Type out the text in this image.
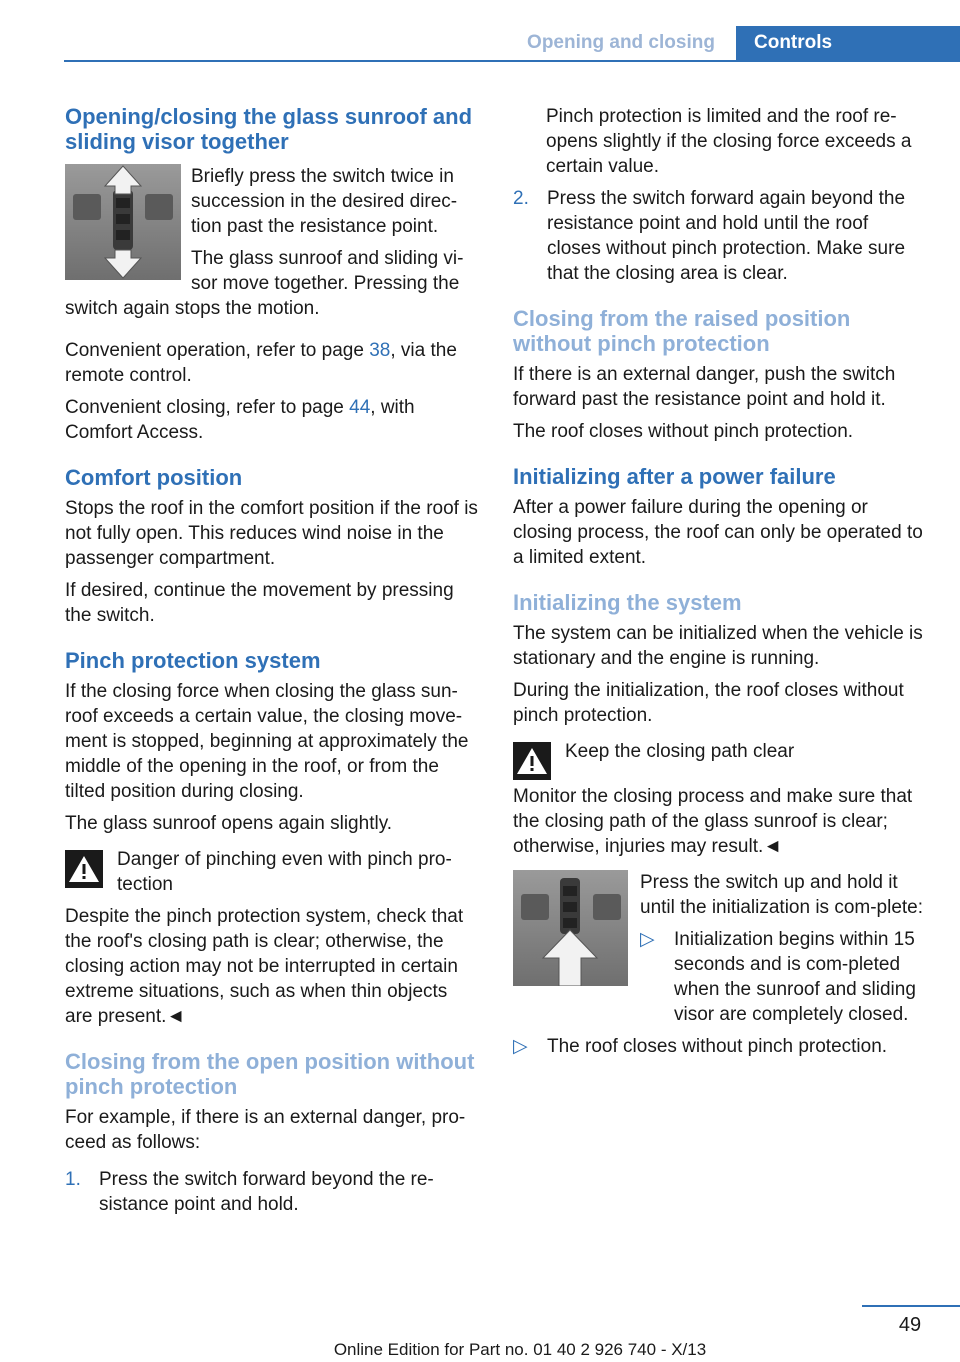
Opening and closing	Controls
Opening/closing the glass sunroof and sliding visor together

Briefly press the switch twice in succession in the desired direc-tion past the resistance point.

The glass sunroof and sliding vi-sor move together. Pressing the switch again stops the motion.

Convenient operation, refer to page 38, via the remote control.

Convenient closing, refer to page 44, with Comfort Access.

Comfort position

Stops the roof in the comfort position if the roof is not fully open. This reduces wind noise in the passenger compartment.

If desired, continue the movement by pressing the switch.

Pinch protection system

If the closing force when closing the glass sun-roof exceeds a certain value, the closing move-ment is stopped, beginning at approximately the middle of the opening in the roof, or from the tilted position during closing.

The glass sunroof opens again slightly.

Danger of pinching even with pinch pro-tection

Despite the pinch protection system, check that the roof's closing path is clear; otherwise, the closing action may not be interrupted in certain extreme situations, such as when thin objects are present.◄

Closing from the open position without pinch protection

For example, if there is an external danger, pro-ceed as follows:

1. Press the switch forward beyond the re-sistance point and hold.

Pinch protection is limited and the roof re-opens slightly if the closing force exceeds a certain value.

2. Press the switch forward again beyond the resistance point and hold until the roof closes without pinch protection. Make sure that the closing area is clear.
Closing from the raised position without pinch protection

If there is an external danger, push the switch forward past the resistance point and hold it.

The roof closes without pinch protection.

Initializing after a power failure

After a power failure during the opening or closing process, the roof can only be operated to a limited extent.

Initializing the system

The system can be initialized when the vehicle is stationary and the engine is running.

During the initialization, the roof closes without pinch protection.

Keep the closing path clear

Monitor the closing process and make sure that the closing path of the glass sunroof is clear; otherwise, injuries may result.◄

Press the switch up and hold it until the initialization is com-plete:

▷ Initialization begins within 15 seconds and is com-pleted when the sunroof and sliding visor are completely closed.
▷ The roof closes without pinch protection.
49
Online Edition for Part no. 01 40 2 926 740 - X/13
